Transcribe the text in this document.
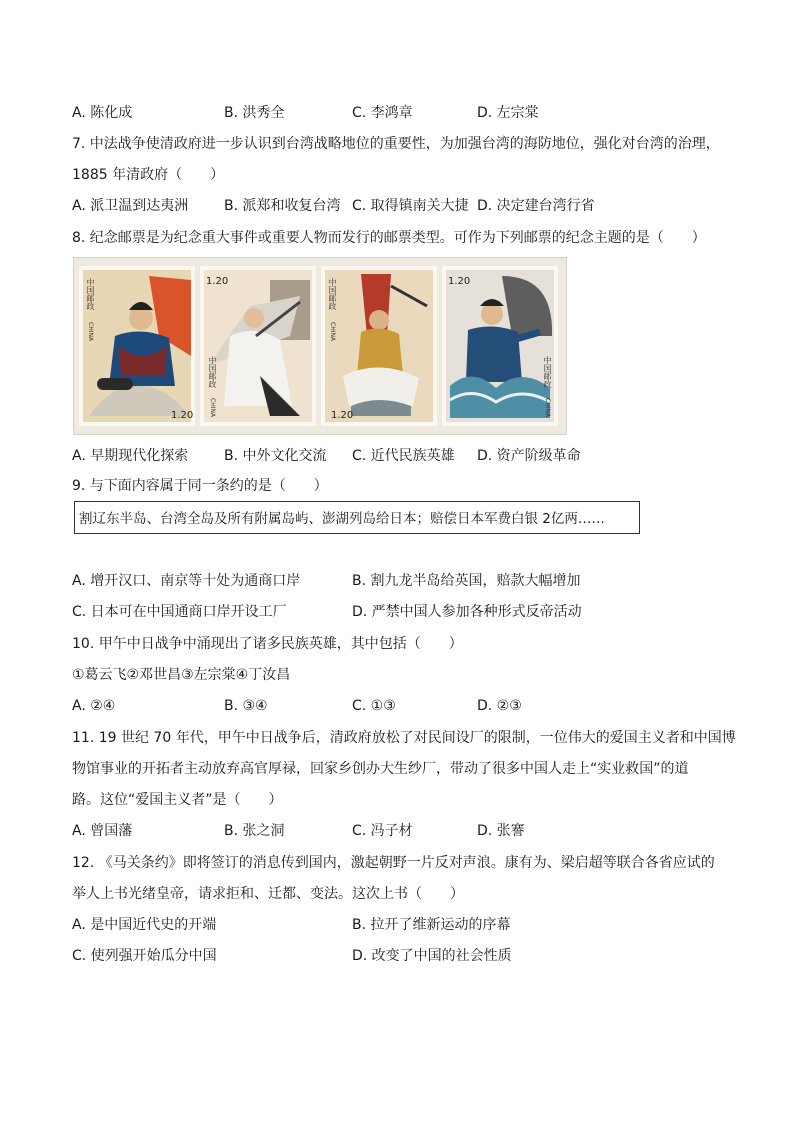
A. 陈化成	B. 洪秀全	C. 李鸿章	D. 左宗棠
7. 中法战争使清政府进一步认识到台湾战略地位的重要性，为加强台湾的海防地位，强化对台湾的治理，
1885 年清政府（　　）
A. 派卫温到达夷洲	B. 派郑和收复台湾 C. 取得镇南关大捷 D. 决定建台湾行省
8. 纪念邮票是为纪念重大事件或重要人物而发行的邮票类型。可作为下列邮票的纪念主题的是（　　）
中国邮政
CHINA
1.20
1.20
中国邮政
CHINA
中国邮政
CHINA
1.20
1.20
中国邮政
CHINA
A. 早期现代化探索	B. 中外文化交流 C. 近代民族英雄 D. 资产阶级革命
9. 与下面内容属于同一条约的是（　　）
割辽东半岛、台湾全岛及所有附属岛屿、澎湖列岛给日本；赔偿日本军费白银 2亿两……
A. 增开汉口、南京等十处为通商口岸	B. 割九龙半岛给英国，赔款大幅增加
C. 日本可在中国通商口岸开设工厂	D. 严禁中国人参加各种形式反帝活动
10. 甲午中日战争中涌现出了诸多民族英雄，其中包括（　　）
①葛云飞②邓世昌③左宗棠④丁汝昌
A. ②④	B. ③④	C. ①③	D. ②③
11. 19 世纪 70 年代，甲午中日战争后，清政府放松了对民间设厂的限制，一位伟大的爱国主义者和中国博
物馆事业的开拓者主动放弃高官厚禄，回家乡创办大生纱厂，带动了很多中国人走上“实业救国”的道
路。这位“爱国主义者”是（　　）
A. 曾国藩	B. 张之洞	C. 冯子材	D. 张謇
12. 《马关条约》即将签订的消息传到国内，激起朝野一片反对声浪。康有为、梁启超等联合各省应试的
举人上书光绪皇帝，请求拒和、迁都、变法。这次上书（　　）
A. 是中国近代史的开端	B. 拉开了维新运动的序幕
C. 使列强开始瓜分中国	D. 改变了中国的社会性质
